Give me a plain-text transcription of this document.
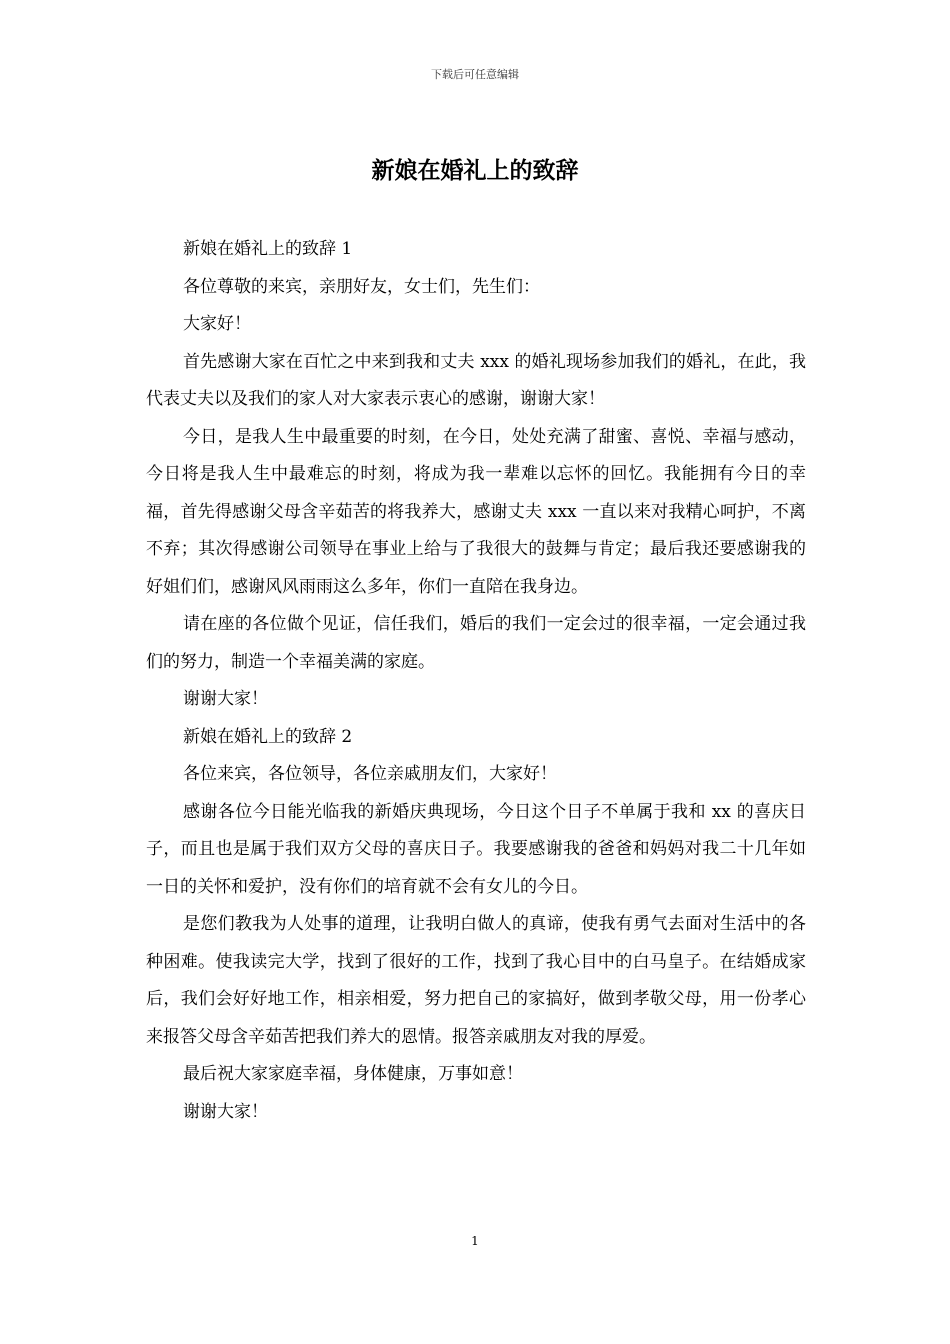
下载后可任意编辑
新娘在婚礼上的致辞

新娘在婚礼上的致辞 1

各位尊敬的来宾，亲朋好友，女士们，先生们：

大家好！

首先感谢大家在百忙之中来到我和丈夫 xxx 的婚礼现场参加我们的婚礼，在此，我代表丈夫以及我们的家人对大家表示衷心的感谢，谢谢大家！

今日，是我人生中最重要的时刻，在今日，处处充满了甜蜜、喜悦、幸福与感动，今日将是我人生中最难忘的时刻，将成为我一辈难以忘怀的回忆。我能拥有今日的幸福，首先得感谢父母含辛茹苦的将我养大，感谢丈夫 xxx 一直以来对我精心呵护，不离不弃；其次得感谢公司领导在事业上给与了我很大的鼓舞与肯定；最后我还要感谢我的好姐们们，感谢风风雨雨这么多年，你们一直陪在我身边。

请在座的各位做个见证，信任我们，婚后的我们一定会过的很幸福，一定会通过我们的努力，制造一个幸福美满的家庭。

谢谢大家！

新娘在婚礼上的致辞 2

各位来宾，各位领导，各位亲戚朋友们，大家好！

感谢各位今日能光临我的新婚庆典现场，今日这个日子不单属于我和 xx 的喜庆日子，而且也是属于我们双方父母的喜庆日子。我要感谢我的爸爸和妈妈对我二十几年如一日的关怀和爱护，没有你们的培育就不会有女儿的今日。

是您们教我为人处事的道理，让我明白做人的真谛，使我有勇气去面对生活中的各种困难。使我读完大学，找到了很好的工作，找到了我心目中的白马皇子。在结婚成家后，我们会好好地工作，相亲相爱，努力把自己的家搞好，做到孝敬父母，用一份孝心来报答父母含辛茹苦把我们养大的恩情。报答亲戚朋友对我的厚爱。

最后祝大家家庭幸福，身体健康，万事如意！

谢谢大家！

1
